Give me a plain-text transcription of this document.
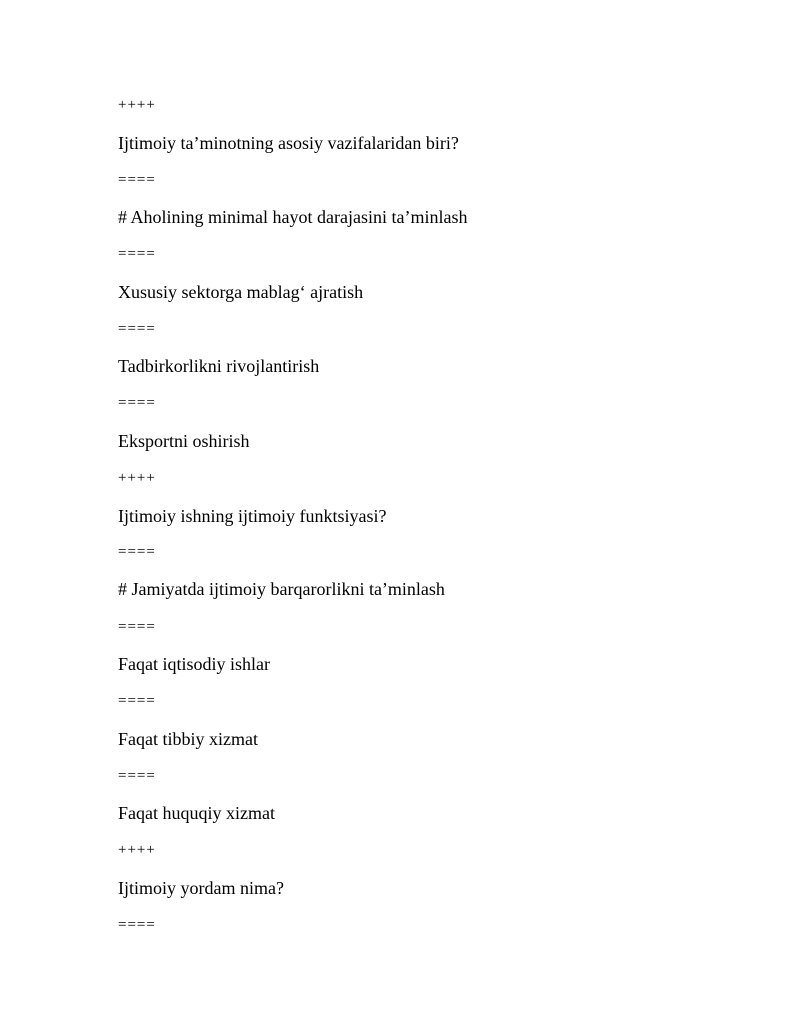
++++

Ijtimoiy ta’minotning asosiy vazifalaridan biri?

====

# Aholining minimal hayot darajasini ta’minlash

====

Xususiy sektorga mablag‘ ajratish

====

Tadbirkorlikni rivojlantirish

====

Eksportni oshirish

++++

Ijtimoiy ishning ijtimoiy funktsiyasi?

====

# Jamiyatda ijtimoiy barqarorlikni ta’minlash

====

Faqat iqtisodiy ishlar

====

Faqat tibbiy xizmat

====

Faqat huquqiy xizmat

++++

Ijtimoiy yordam nima?

====
